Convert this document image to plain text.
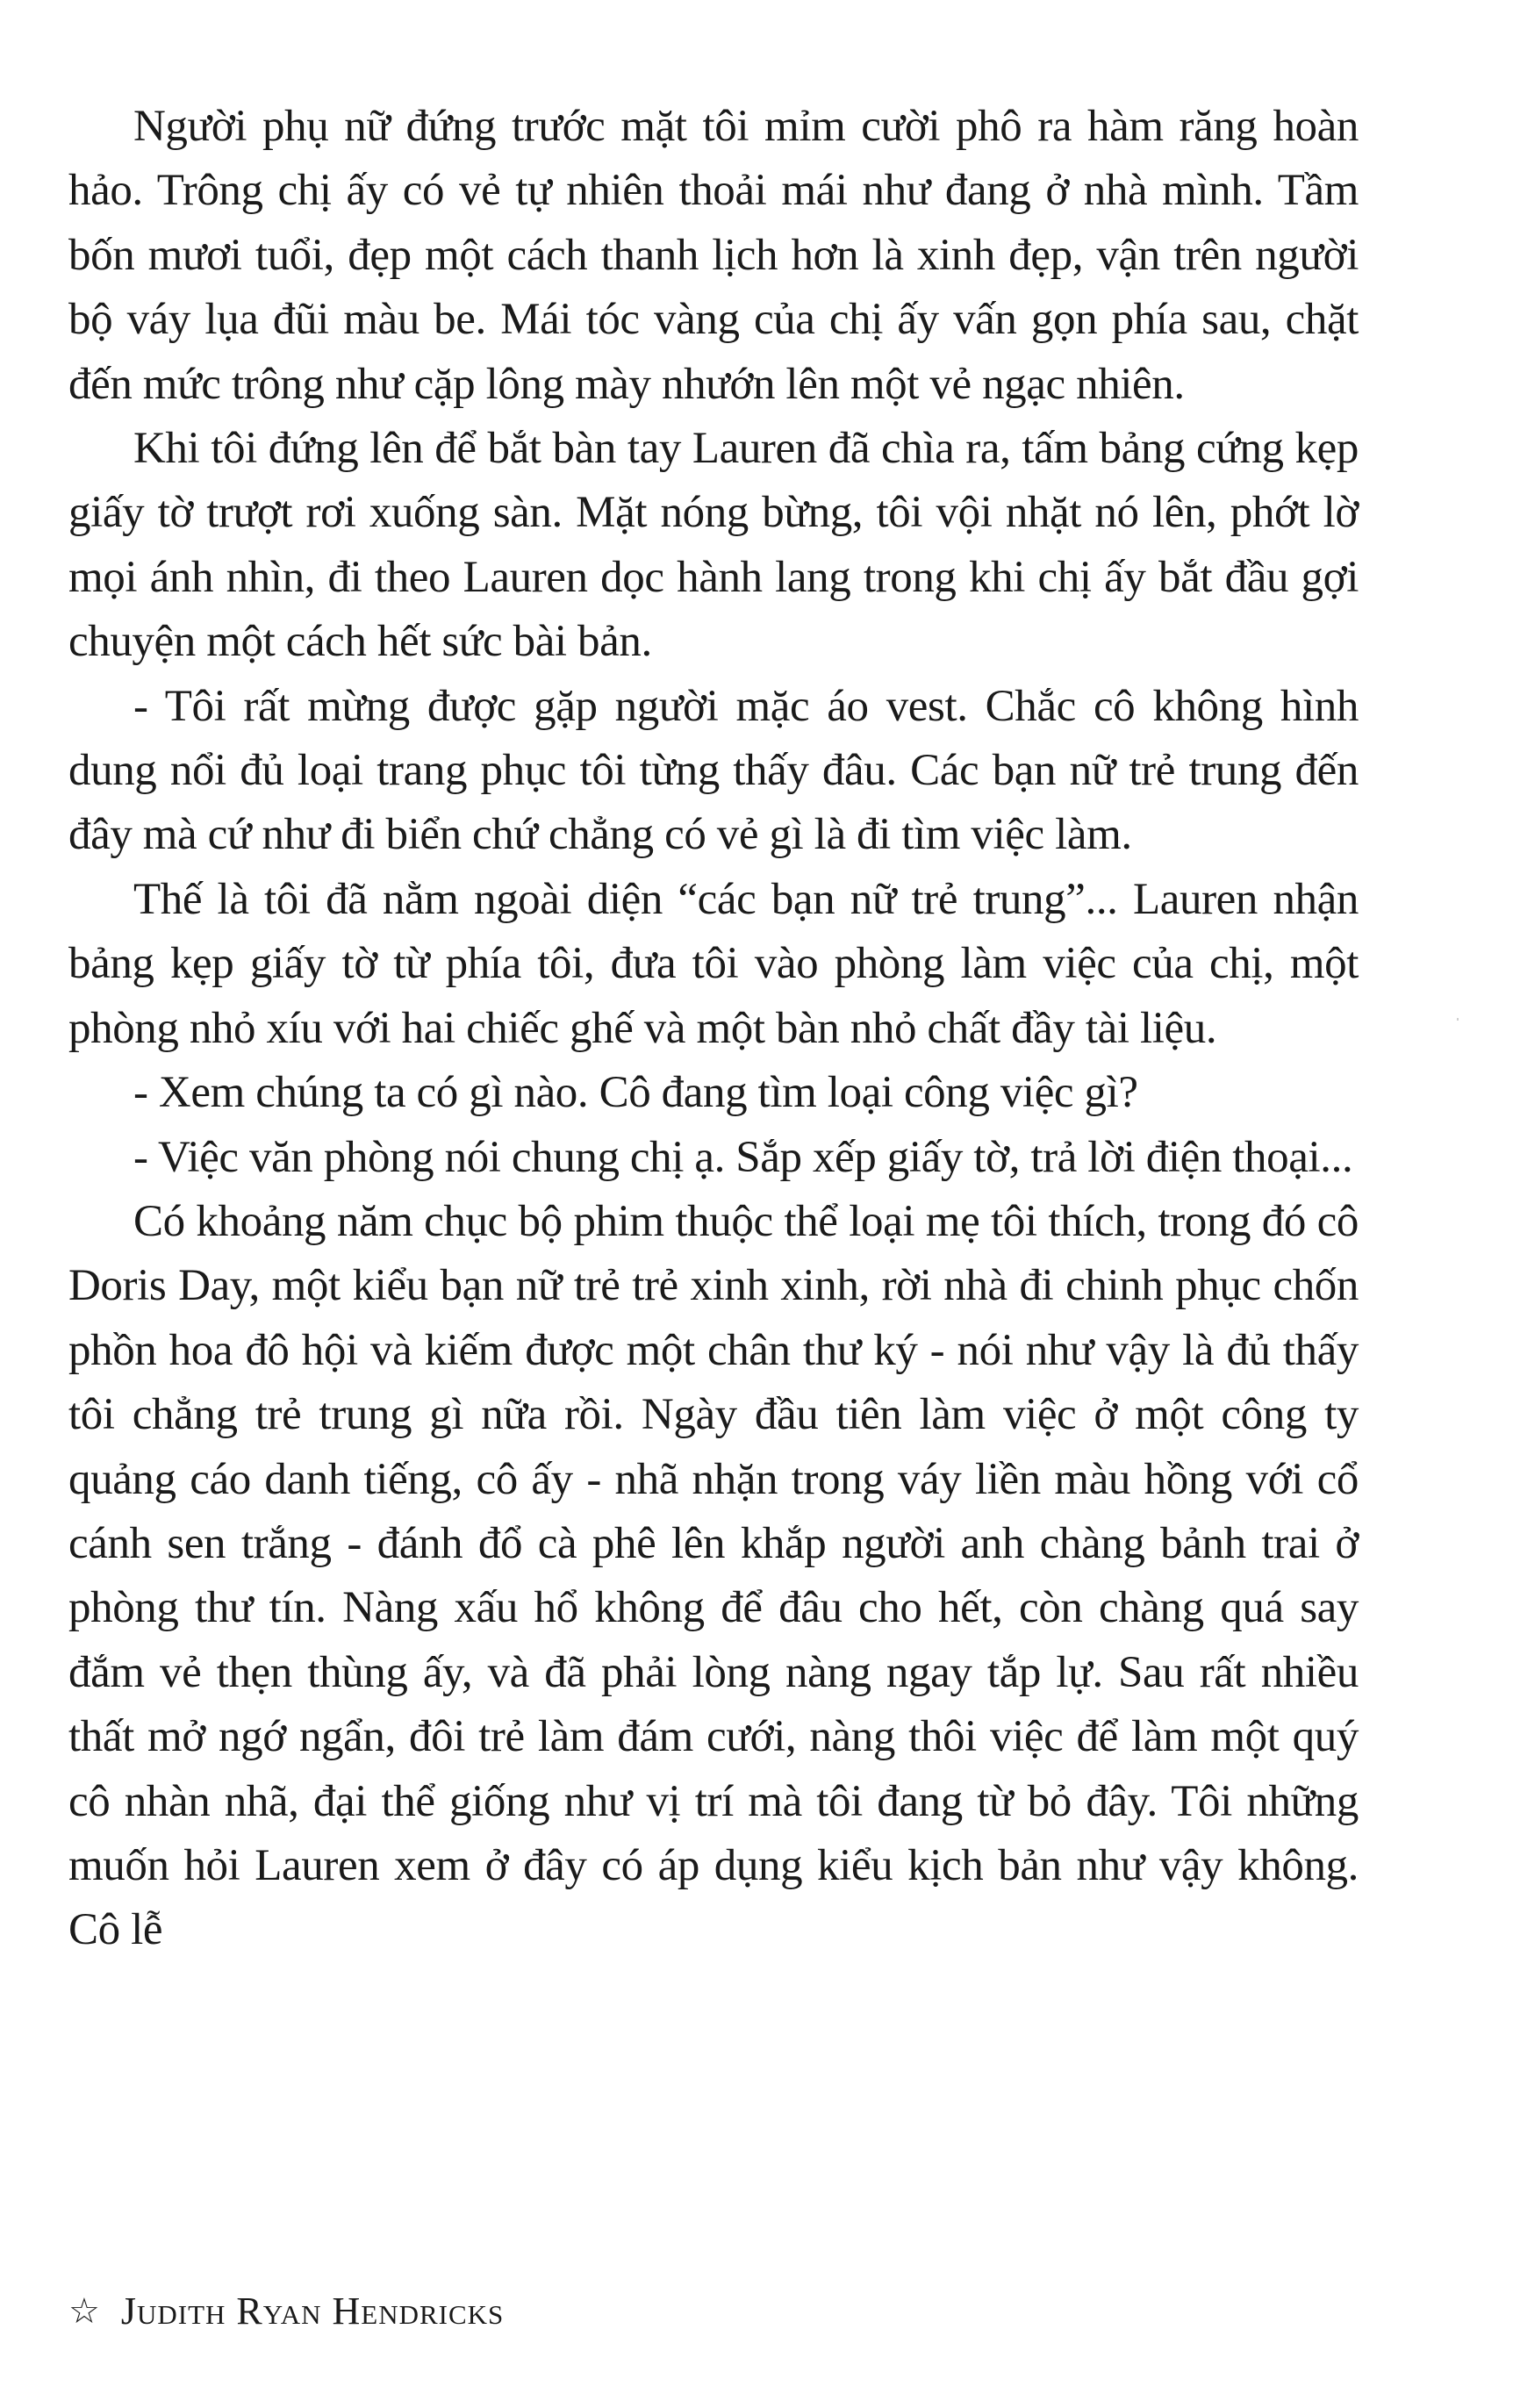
Người phụ nữ đứng trước mặt tôi mỉm cười phô ra hàm răng hoàn hảo. Trông chị ấy có vẻ tự nhiên thoải mái như đang ở nhà mình. Tầm bốn mươi tuổi, đẹp một cách thanh lịch hơn là xinh đẹp, vận trên người bộ váy lụa đũi màu be. Mái tóc vàng của chị ấy vấn gọn phía sau, chặt đến mức trông như cặp lông mày nhướn lên một vẻ ngạc nhiên.

Khi tôi đứng lên để bắt bàn tay Lauren đã chìa ra, tấm bảng cứng kẹp giấy tờ trượt rơi xuống sàn. Mặt nóng bừng, tôi vội nhặt nó lên, phớt lờ mọi ánh nhìn, đi theo Lauren dọc hành lang trong khi chị ấy bắt đầu gợi chuyện một cách hết sức bài bản.

- Tôi rất mừng được gặp người mặc áo vest. Chắc cô không hình dung nổi đủ loại trang phục tôi từng thấy đâu. Các bạn nữ trẻ trung đến đây mà cứ như đi biển chứ chẳng có vẻ gì là đi tìm việc làm.

Thế là tôi đã nằm ngoài diện “các bạn nữ trẻ trung”... Lauren nhận bảng kẹp giấy tờ từ phía tôi, đưa tôi vào phòng làm việc của chị, một phòng nhỏ xíu với hai chiếc ghế và một bàn nhỏ chất đầy tài liệu.

- Xem chúng ta có gì nào. Cô đang tìm loại công việc gì?

- Việc văn phòng nói chung chị ạ. Sắp xếp giấy tờ, trả lời điện thoại...

Có khoảng năm chục bộ phim thuộc thể loại mẹ tôi thích, trong đó cô Doris Day, một kiểu bạn nữ trẻ trẻ xinh xinh, rời nhà đi chinh phục chốn phồn hoa đô hội và kiếm được một chân thư ký - nói như vậy là đủ thấy tôi chẳng trẻ trung gì nữa rồi. Ngày đầu tiên làm việc ở một công ty quảng cáo danh tiếng, cô ấy - nhã nhặn trong váy liền màu hồng với cổ cánh sen trắng - đánh đổ cà phê lên khắp người anh chàng bảnh trai ở phòng thư tín. Nàng xấu hổ không để đâu cho hết, còn chàng quá say đắm vẻ thẹn thùng ấy, và đã phải lòng nàng ngay tắp lự. Sau rất nhiều thất mở ngớ ngẩn, đôi trẻ làm đám cưới, nàng thôi việc để làm một quý cô nhàn nhã, đại thể giống như vị trí mà tôi đang từ bỏ đây. Tôi những muốn hỏi Lauren xem ở đây có áp dụng kiểu kịch bản như vậy không. Cô lễ

☆ Judith Ryan Hendricks
